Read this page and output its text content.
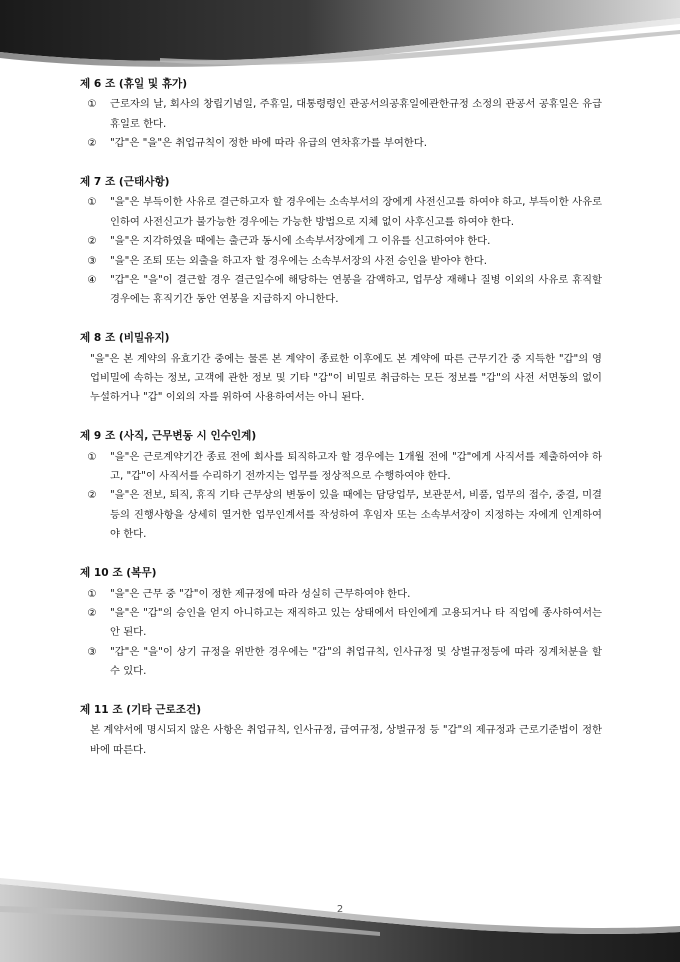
제 6 조 (휴일 및 휴가)
①	근로자의 날, 회사의 창립기념일, 주휴일, 대통령령인 관공서의공휴일에관한규정 소정의 관공서 공휴일은 유급휴일로 한다.
②	"갑"은 "을"은 취업규칙이 정한 바에 따라 유급의 연차휴가를 부여한다.
제 7 조 (근태사항)
①	"을"은 부득이한 사유로 결근하고자 할 경우에는 소속부서의 장에게 사전신고를 하여야 하고, 부득이한 사유로 인하여 사전신고가 불가능한 경우에는 가능한 방법으로 지체 없이 사후신고를 하여야 한다.
②	"을"은 지각하였을 때에는 출근과 동시에 소속부서장에게 그 이유를 신고하여야 한다.
③	"을"은 조퇴 또는 외출을 하고자 할 경우에는 소속부서장의 사전 승인을 받아야 한다.
④	"갑"은 "을"이 결근할 경우 결근일수에 해당하는 연봉을 감액하고, 업무상 재해나 질병 이외의 사유로 휴직할 경우에는 휴직기간 동안 연봉을 지급하지 아니한다.
제 8 조 (비밀유지)
"을"은 본 계약의 유효기간 중에는 물론 본 계약이 종료한 이후에도 본 계약에 따른 근무기간 중 지득한 "갑"의 영업비밀에 속하는 정보, 고객에 관한 정보 및 기타 "갑"이 비밀로 취급하는 모든 정보를 "갑"의 사전 서면동의 없이 누설하거나 "갑" 이외의 자를 위하여 사용하여서는 아니 된다.
제 9 조 (사직, 근무변동 시 인수인계)
①	"을"은 근로계약기간 종료 전에 회사를 퇴직하고자 할 경우에는 1개월 전에 "갑"에게 사직서를 제출하여야 하고, "갑"이 사직서를 수리하기 전까지는 업무를 정상적으로 수행하여야 한다.
②	"을"은 전보, 퇴직, 휴직 기타 근무상의 변동이 있을 때에는 담당업무, 보관문서, 비품, 업무의 접수, 중결, 미결 등의 진행사항을 상세히 열거한 업무인계서를 작성하여 후임자 또는 소속부서장이 지정하는 자에게 인계하여야 한다.
제 10 조 (복무)
①	"을"은 근무 중 "갑"이 정한 제규정에 따라 성실히 근무하여야 한다.
②	"을"은 "갑"의 승인을 얻지 아니하고는 재직하고 있는 상태에서 타인에게 고용되거나 타 직업에 종사하여서는 안 된다.
③	"갑"은 "을"이 상기 규정을 위반한 경우에는 "갑"의 취업규칙, 인사규정 및 상벌규정등에 따라 징계처분을 할 수 있다.
제 11 조 (기타 근로조건)
본 계약서에 명시되지 않은 사항은 취업규칙, 인사규정, 급여규정, 상벌규정 등 "갑"의 제규정과 근로기준법이 정한 바에 따른다.
2
